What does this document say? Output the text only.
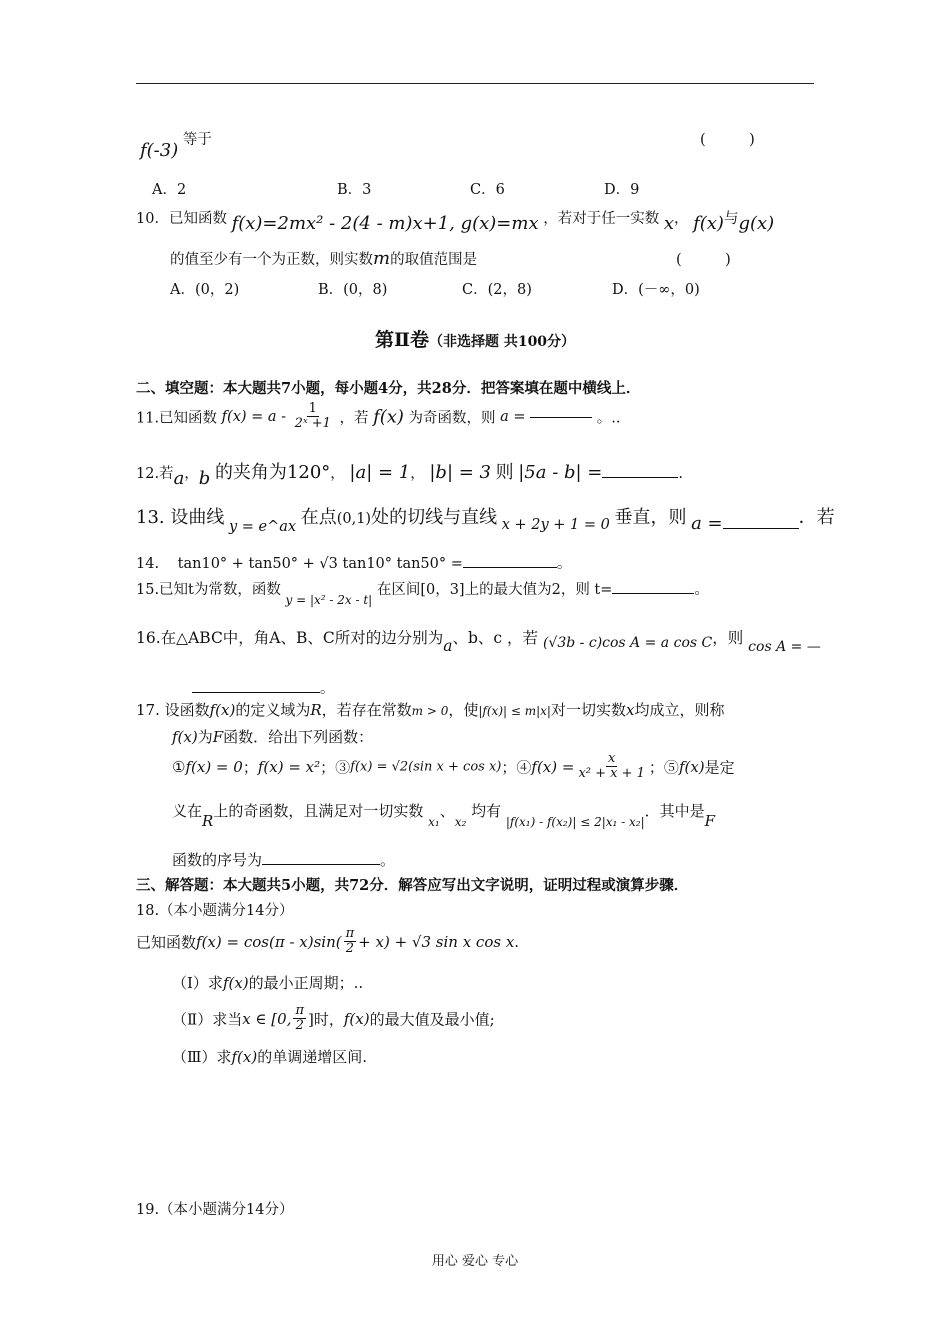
f(-3) 等于	(　　　)
A．2	B．3	C．6	D．9
10．已知函数 f(x)=2mx² - 2(4 - m)x+1, g(x)=mx ，若对于任一实数 x， f(x)与g(x)
的值至少有一个为正数，则实数m的取值范围是	(　　　)
A．(0，2)	B．(0，8)	C．(2，8)	D．(－∞，0)
第Ⅱ卷（非选择题 共100分）
二、填空题：本大题共7小题，每小题4分，共28分．把答案填在题中横线上．
11.已知函数 $f(x) = a - \frac{1}{\text{2ˣ +1}}$ ，若 f(x) 为奇函数，则 a =	。..
12.若a，b 的夹角为120°， |a| = 1， |b| = 3 则 |5a - b| =	.
13. 设曲线 y = e^ax 在点(0,1)处的切线与直线 x + 2y + 1 = 0 垂直，则 a =	．若
14. tan10° + tan50° + √3 tan10° tan50° =	。
15.已知t为常数，函数 $_{y = |x^2 - 2x - t|}$ 在区间[0，3]上的最大值为2，则 t=	。
16.在△ABC中，角A、B、C所对的边分别为a、b、c ，若 (√3b - c)cos A = a cos C，则 cos A = —
。
17. 设函数f(x)的定义域为R，若存在常数m > 0，使|f(x)| ≤ m|x|对一切实数x均成立，则称
f(x)为F函数．给出下列函数：
①f(x) = 0；f(x) = x²；③f(x) = √2(sin x + cos x)；④f(x) = $\frac{x}{\text{x² + x + 1}}$ ；⑤f(x)是定
义在R上的奇函数，且满足对一切实数 $_{x_1}$、$_{x_2}$ 均有 $_{|f(x_1) - f(x_2)| \le 2|x_1 - x_2|}$．其中是F
函数的序号为	。
三、解答题：本大题共5小题，共72分．解答应写出文字说明，证明过程或演算步骤．
18.（本小题满分14分）
已知函数$f(x) = \cos(\pi - x)\sin( \frac{\pi}{2} + x) + √3$ sin x cos x.
（Ⅰ）求f(x)的最小正周期；..
（Ⅱ）求当x ∈ [0, $\frac{\pi}{2}$ ]时，f(x)的最大值及最小值;
（Ⅲ）求f(x)的单调递增区间.
19.（本小题满分14分）
用心 爱心 专心
